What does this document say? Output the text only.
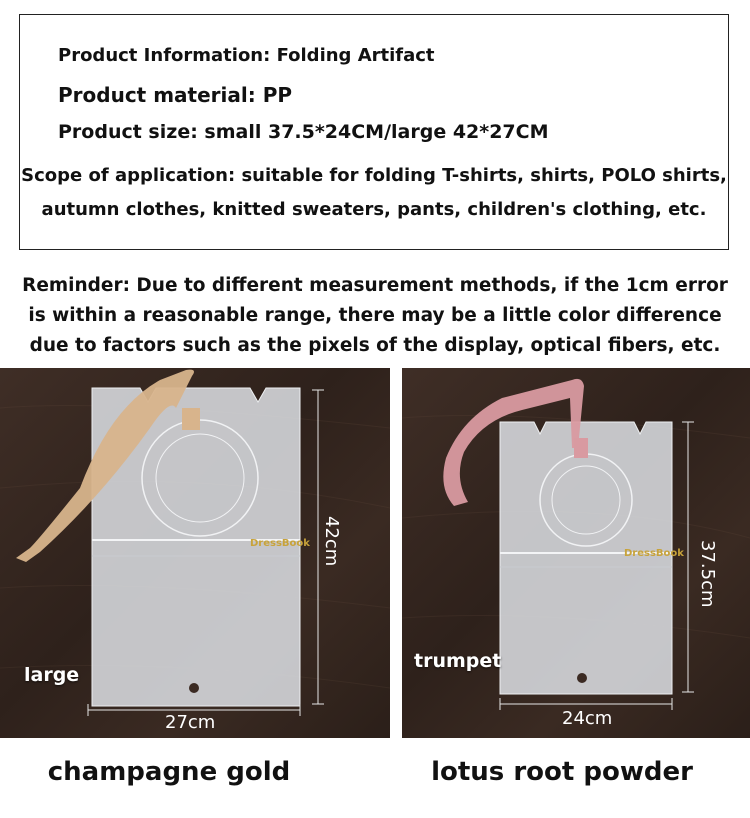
Product Information: Folding Artifact
Product material: PP
Product size: small 37.5*24CM/large 42*27CM
Scope of application: suitable for folding T-shirts, shirts, POLO shirts,
autumn clothes, knitted sweaters, pants, children's clothing, etc.
Reminder: Due to different measurement methods, if the 1cm error
is within a reasonable range, there may be a little color difference
due to factors such as the pixels of the display, optical fibers, etc.
42cm
27cm
large
DressBook	37.5cm
24cm
trumpet
DressBook
champagne gold	lotus root powder
